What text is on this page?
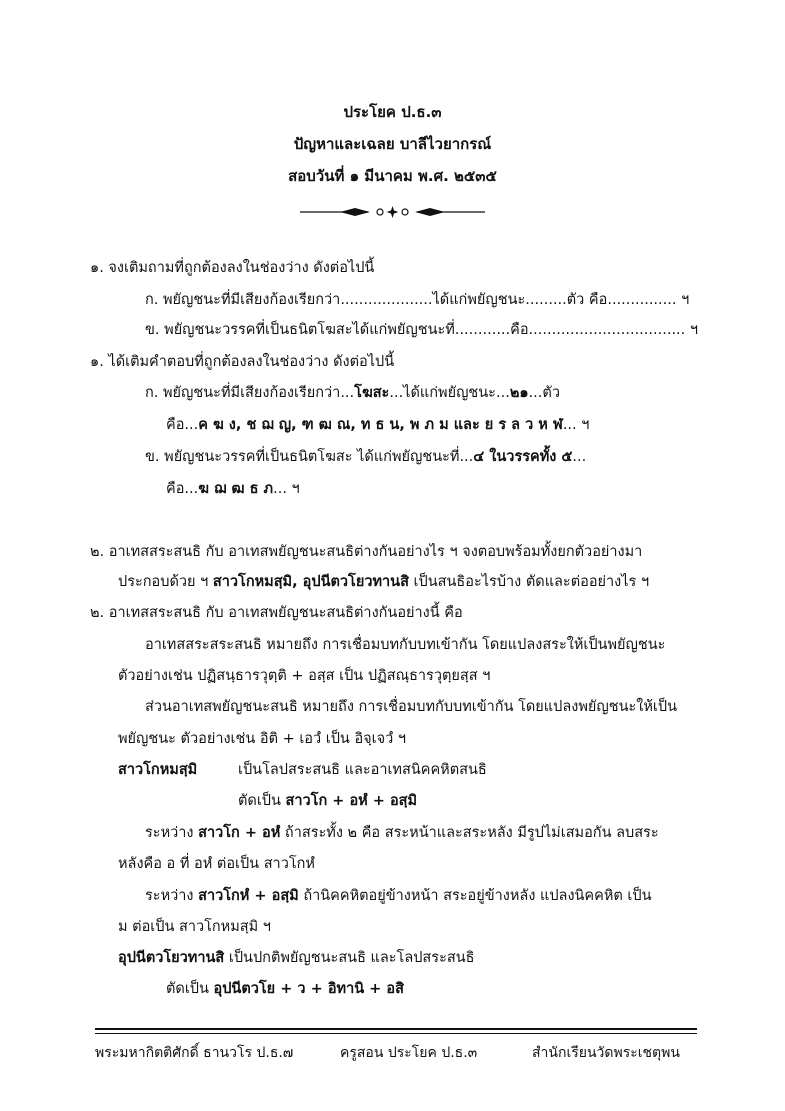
ประโยค ป.ธ.๓
ปัญหาและเฉลย บาลีไวยากรณ์
สอบวันที่ ๑ มีนาคม พ.ศ. ๒๕๓๕
๑. จงเติมถามที่ถูกต้องลงในช่องว่าง ดังต่อไปนี้
ก. พยัญชนะที่มีเสียงก้องเรียกว่า....................ได้แก่พยัญชนะ.........ตัว คือ............... ฯ
ข. พยัญชนะวรรคที่เป็นธนิตโฆสะได้แก่พยัญชนะที่............คือ.................................. ฯ
๑. ได้เติมคำตอบที่ถูกต้องลงในช่องว่าง ดังต่อไปนี้
ก. พยัญชนะที่มีเสียงก้องเรียกว่า...โฆสะ...ได้แก่พยัญชนะ...๒๑...ตัว
คือ...ค ฆ ง, ช ฌ ญ, ฑ ฒ ณ, ท ธ น, พ ภ ม และ ย ร ล ว ห ฬ... ฯ
ข. พยัญชนะวรรคที่เป็นธนิตโฆสะ ได้แก่พยัญชนะที่...๔ ในวรรคทั้ง ๕...
คือ...ฆ ฌ ฒ ธ ภ... ฯ
๒. อาเทสสระสนธิ กับ อาเทสพยัญชนะสนธิต่างกันอย่างไร ฯ จงตอบพร้อมทั้งยกตัวอย่างมา
ประกอบด้วย ฯ สาวโกหมสฺมิ, อุปนีตวโยวทานสิ เป็นสนธิอะไรบ้าง ตัดและต่ออย่างไร ฯ
๒. อาเทสสระสนธิ กับ อาเทสพยัญชนะสนธิต่างกันอย่างนี้ คือ
อาเทสสระสระสนธิ หมายถึง การเชื่อมบทกับบทเข้ากัน โดยแปลงสระให้เป็นพยัญชนะ
ตัวอย่างเช่น ปฏิสนฺธารวุตฺติ + อสฺส เป็น ปฏิสณฺธารวุตฺยสฺส ฯ
ส่วนอาเทสพยัญชนะสนธิ หมายถึง การเชื่อมบทกับบทเข้ากัน โดยแปลงพยัญชนะให้เป็น
พยัญชนะ ตัวอย่างเช่น อิติ + เอวํ เป็น อิจฺเจวํ ฯ
สาวโกหมสฺมิ	เป็นโลปสระสนธิ และอาเทสนิคคหิตสนธิ
ตัดเป็น สาวโก + อหํ + อสฺมิ
ระหว่าง สาวโก + อหํ ถ้าสระทั้ง ๒ คือ สระหน้าและสระหลัง มีรูปไม่เสมอกัน ลบสระ
หลังคือ อ ที่ อหํ ต่อเป็น สาวโกหํ
ระหว่าง สาวโกหํ + อสฺมิ ถ้านิคคหิตอยู่ข้างหน้า สระอยู่ข้างหลัง แปลงนิคคหิต เป็น
ม ต่อเป็น สาวโกหมสฺมิ ฯ
อุปนีตวโยวทานสิ เป็นปกติพยัญชนะสนธิ และโลปสระสนธิ
ตัดเป็น อุปนีตวโย + ว + อิทานิ + อสิ
พระมหากิตติศักดิ์ ธานวโร ป.ธ.๗	ครูสอน ประโยค ป.ธ.๓	สำนักเรียนวัดพระเชตุพน
